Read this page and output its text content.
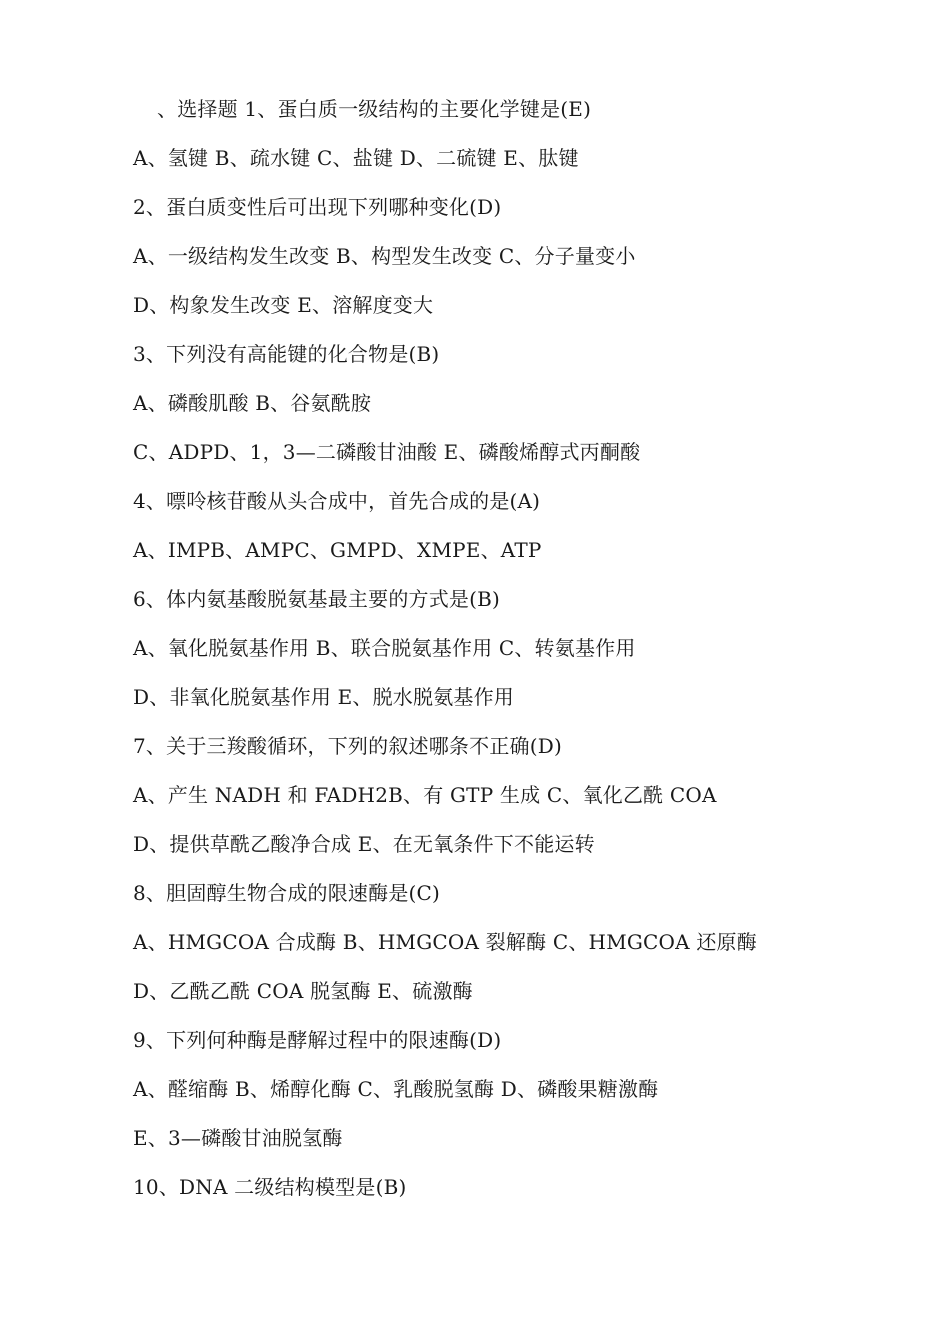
、选择题 1、蛋白质一级结构的主要化学键是(E)
A、氢键 B、疏水键 C、盐键 D、二硫键 E、肽键
2、蛋白质变性后可出现下列哪种变化(D)
A、一级结构发生改变 B、构型发生改变 C、分子量变小
D、构象发生改变 E、溶解度变大
3、下列没有高能键的化合物是(B)
A、磷酸肌酸 B、谷氨酰胺
C、ADPD、1，3—二磷酸甘油酸 E、磷酸烯醇式丙酮酸
4、嘌呤核苷酸从头合成中，首先合成的是(A)
A、IMPB、AMPC、GMPD、XMPE、ATP
6、体内氨基酸脱氨基最主要的方式是(B)
A、氧化脱氨基作用 B、联合脱氨基作用 C、转氨基作用
D、非氧化脱氨基作用 E、脱水脱氨基作用
7、关于三羧酸循环，下列的叙述哪条不正确(D)
A、产生 NADH 和 FADH2B、有 GTP 生成 C、氧化乙酰 COA
D、提供草酰乙酸净合成 E、在无氧条件下不能运转
8、胆固醇生物合成的限速酶是(C)
A、HMGCOA 合成酶 B、HMGCOA 裂解酶 C、HMGCOA 还原酶
D、乙酰乙酰 COA 脱氢酶 E、硫激酶
9、下列何种酶是酵解过程中的限速酶(D)
A、醛缩酶 B、烯醇化酶 C、乳酸脱氢酶 D、磷酸果糖激酶
E、3—磷酸甘油脱氢酶
10、DNA 二级结构模型是(B)
